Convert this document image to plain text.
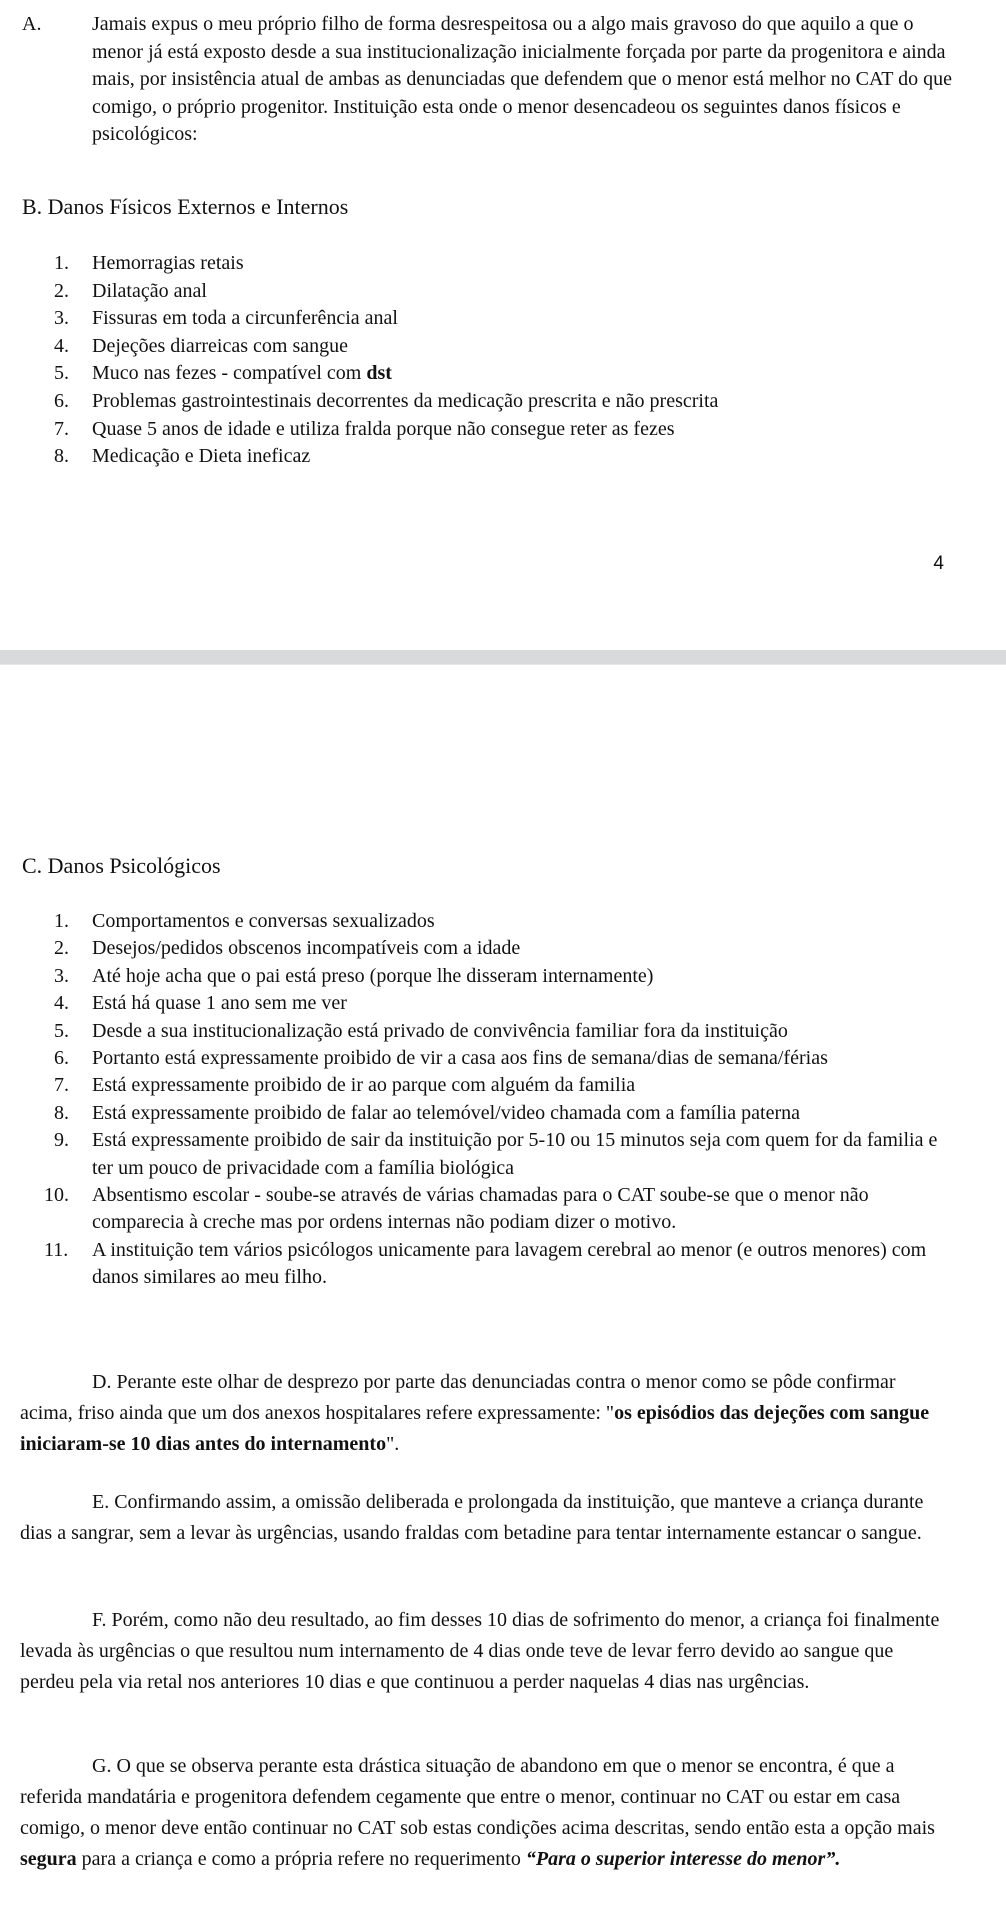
A.	Jamais expus o meu próprio filho de forma desrespeitosa ou a algo mais gravoso do que aquilo a que o menor já está exposto desde a sua institucionalização inicialmente forçada por parte da progenitora e ainda mais, por insistência atual de ambas as denunciadas que defendem que o menor está melhor no CAT do que comigo, o próprio progenitor. Instituição esta onde o menor desencadeou os seguintes danos físicos e psicológicos:
B. Danos Físicos Externos e Internos
1. Hemorragias retais
2. Dilatação anal
3. Fissuras em toda a circunferência anal
4. Dejeções diarreicas com sangue
5. Muco nas fezes - compatível com dst
6. Problemas gastrointestinais decorrentes da medicação prescrita e não prescrita
7. Quase 5 anos de idade e utiliza fralda porque não consegue reter as fezes
8. Medicação e Dieta ineficaz
4
C. Danos Psicológicos
1. Comportamentos e conversas sexualizados
2. Desejos/pedidos obscenos incompatíveis com a idade
3. Até hoje acha que o pai está preso (porque lhe disseram internamente)
4. Está há quase 1 ano sem me ver
5. Desde a sua institucionalização está privado de convivência familiar fora da instituição
6. Portanto está expressamente proibido de vir a casa aos fins de semana/dias de semana/férias
7. Está expressamente proibido de ir ao parque com alguém da familia
8. Está expressamente proibido de falar ao telemóvel/video chamada com a família paterna
9. Está expressamente proibido de sair da instituição por 5-10 ou 15 minutos seja com quem for da familia e ter um pouco de privacidade com a família biológica
10. Absentismo escolar - soube-se através de várias chamadas para o CAT soube-se que o menor não comparecia à creche mas por ordens internas não podiam dizer o motivo.
11. A instituição tem vários psicólogos unicamente para lavagem cerebral ao menor (e outros menores) com danos similares ao meu filho.
D. Perante este olhar de desprezo por parte das denunciadas contra o menor como se pôde confirmar acima, friso ainda que um dos anexos hospitalares refere expressamente: "os episódios das dejeções com sangue iniciaram-se 10 dias antes do internamento".
E. Confirmando assim, a omissão deliberada e prolongada da instituição, que manteve a criança durante dias a sangrar, sem a levar às urgências, usando fraldas com betadine para tentar internamente estancar o sangue.
F. Porém, como não deu resultado, ao fim desses 10 dias de sofrimento do menor, a criança foi finalmente levada às urgências o que resultou num internamento de 4 dias onde teve de levar ferro devido ao sangue que perdeu pela via retal nos anteriores 10 dias e que continuou a perder naquelas 4 dias nas urgências.
G. O que se observa perante esta drástica situação de abandono em que o menor se encontra, é que a referida mandatária e progenitora defendem cegamente que entre o menor, continuar no CAT ou estar em casa comigo, o menor deve então continuar no CAT sob estas condições acima descritas, sendo então esta a opção mais segura para a criança e como a própria refere no requerimento “Para o superior interesse do menor”.
